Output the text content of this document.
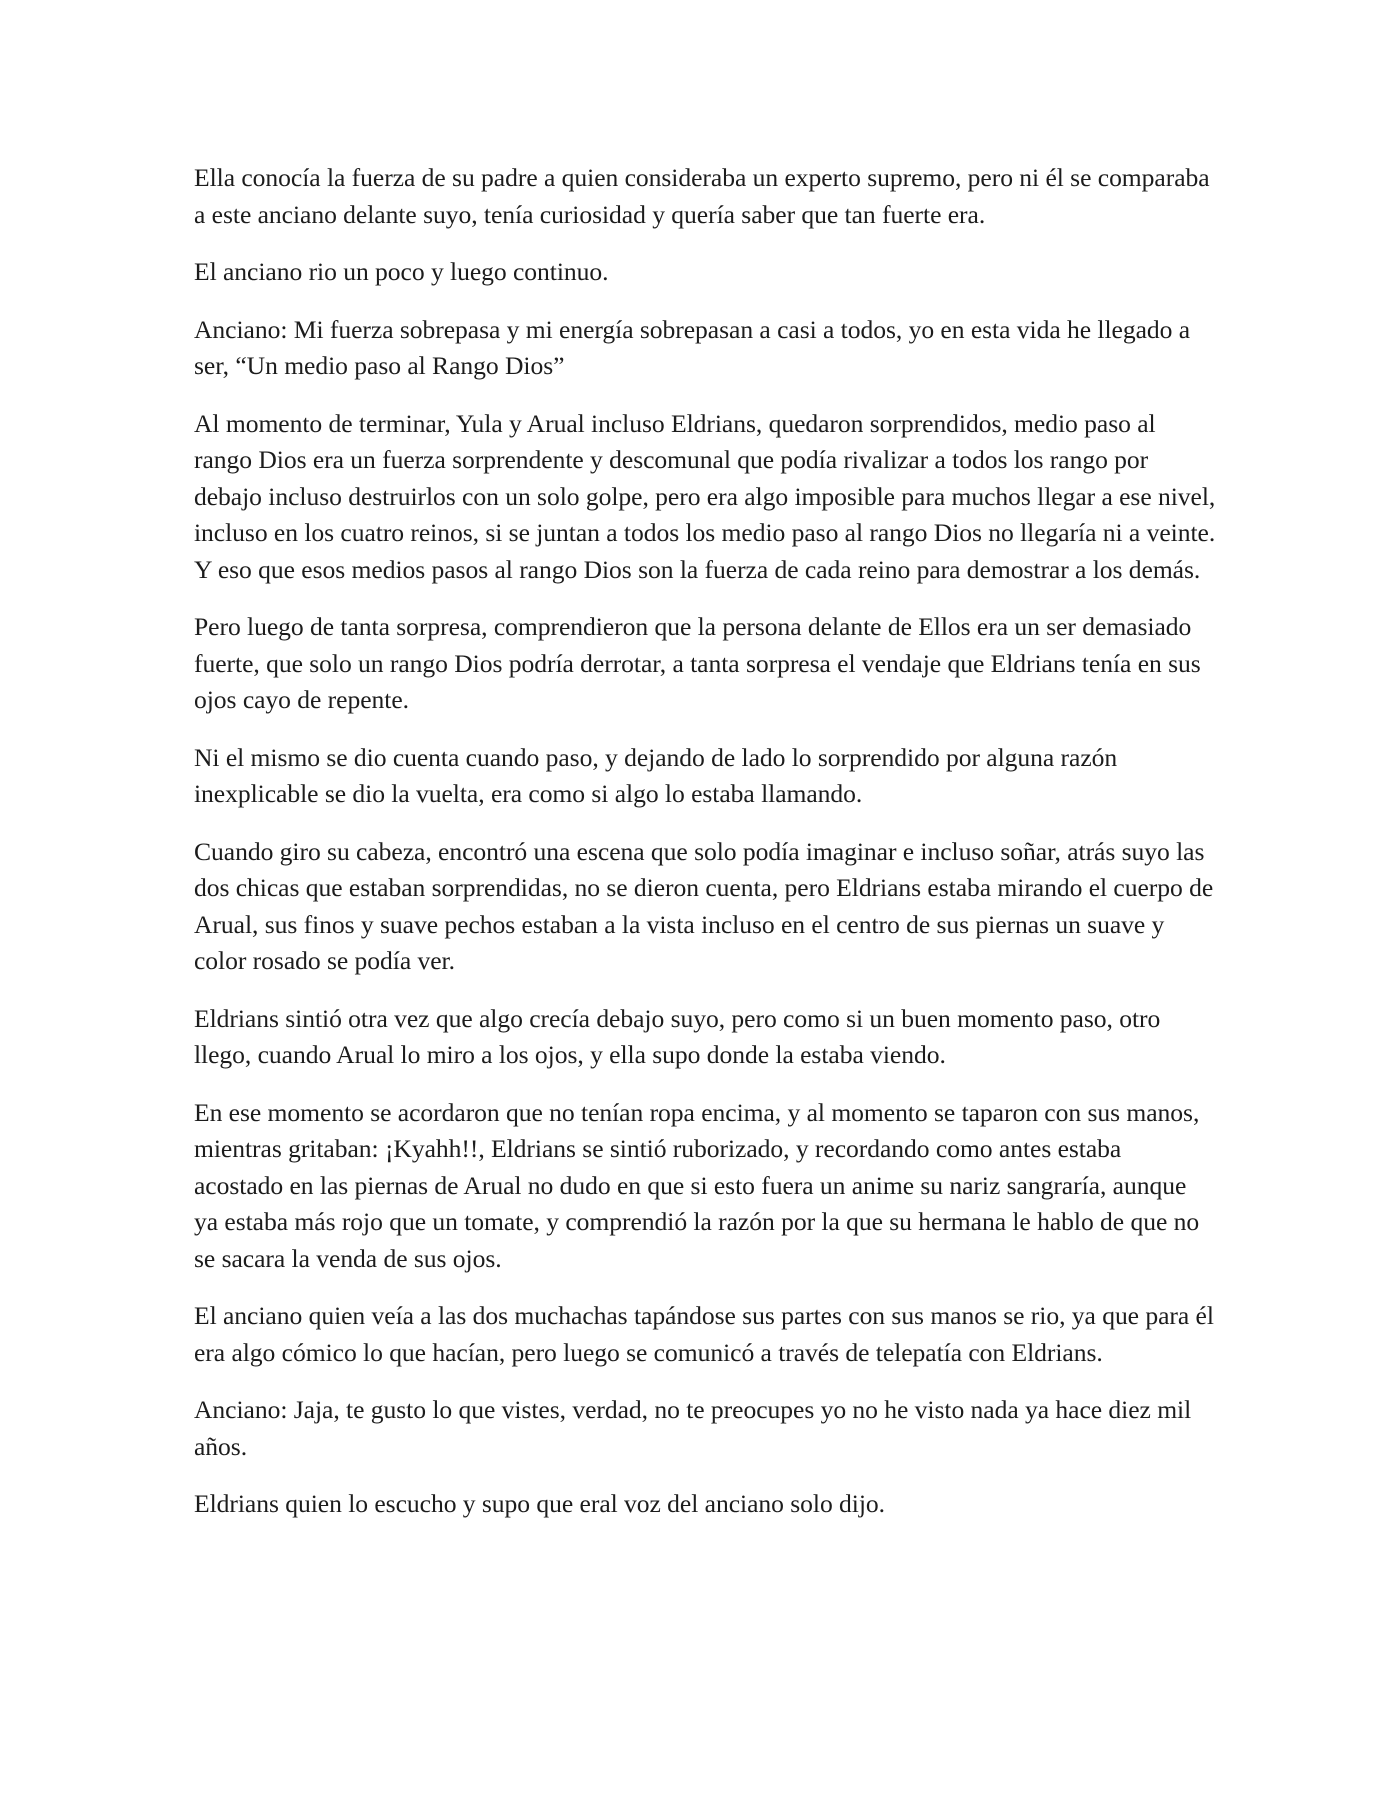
Ella conocía la fuerza de su padre a quien consideraba un experto supremo, pero ni él se comparaba a este anciano delante suyo, tenía curiosidad y quería saber que tan fuerte era.

El anciano rio un poco y luego continuo.

Anciano: Mi fuerza sobrepasa y mi energía sobrepasan a casi a todos, yo en esta vida he llegado a ser, “Un medio paso al Rango Dios”

Al momento de terminar, Yula y Arual incluso Eldrians, quedaron sorprendidos, medio paso al rango Dios era un fuerza sorprendente y descomunal que podía rivalizar a todos los rango por debajo incluso destruirlos con un solo golpe, pero era algo imposible para muchos llegar a ese nivel, incluso en los cuatro reinos, si se juntan a todos los medio paso al rango Dios no llegaría ni a veinte. Y eso que esos medios pasos al rango Dios son la fuerza de cada reino para demostrar a los demás.

Pero luego de tanta sorpresa, comprendieron que la persona delante de Ellos era un ser demasiado fuerte, que solo un rango Dios podría derrotar, a tanta sorpresa el vendaje que Eldrians tenía en sus ojos cayo de repente.

Ni el mismo se dio cuenta cuando paso, y dejando de lado lo sorprendido por alguna razón inexplicable se dio la vuelta, era como si algo lo estaba llamando.

Cuando giro su cabeza, encontró una escena que solo podía imaginar e incluso soñar, atrás suyo las dos chicas que estaban sorprendidas, no se dieron cuenta, pero Eldrians estaba mirando el cuerpo de Arual, sus finos y suave pechos estaban a la vista incluso en el centro de sus piernas un suave y color rosado se podía ver.

Eldrians sintió otra vez que algo crecía debajo suyo, pero como si un buen momento paso, otro llego, cuando Arual lo miro a los ojos, y ella supo donde la estaba viendo.

En ese momento se acordaron que no tenían ropa encima, y al momento se taparon con sus manos, mientras gritaban: ¡Kyahh!!, Eldrians se sintió ruborizado, y recordando como antes estaba acostado en las piernas de Arual no dudo en que si esto fuera un anime su nariz sangraría, aunque ya estaba más rojo que un tomate, y comprendió la razón por la que su hermana le hablo de que no se sacara la venda de sus ojos.

El anciano quien veía a las dos muchachas tapándose sus partes con sus manos se rio, ya que para él era algo cómico lo que hacían, pero luego se comunicó a través de telepatía con Eldrians.

Anciano: Jaja, te gusto lo que vistes, verdad, no te preocupes yo no he visto nada ya hace diez mil años.

Eldrians quien lo escucho y supo que eral voz del anciano solo dijo.
